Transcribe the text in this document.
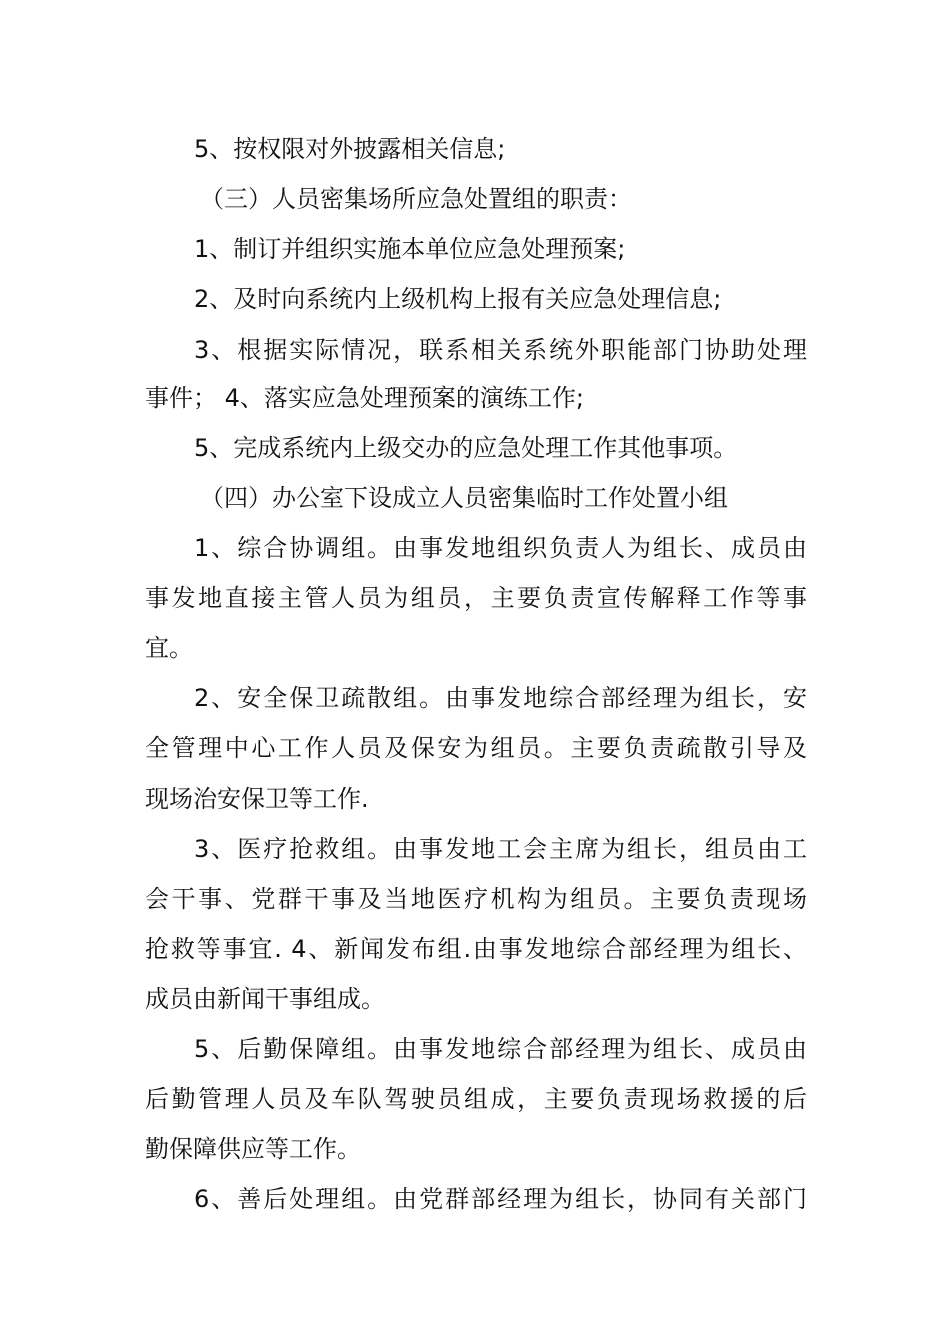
5、按权限对外披露相关信息;
（三）人员密集场所应急处置组的职责：
1、制订并组织实施本单位应急处理预案;
2、及时向系统内上级机构上报有关应急处理信息;
3、根据实际情况，联系相关系统外职能部门协助处理
事件； 4、落实应急处理预案的演练工作;
5、完成系统内上级交办的应急处理工作其他事项。
（四）办公室下设成立人员密集临时工作处置小组
1、综合协调组。由事发地组织负责人为组长、成员由
事发地直接主管人员为组员，主要负责宣传解释工作等事
宜。
2、安全保卫疏散组。由事发地综合部经理为组长，安
全管理中心工作人员及保安为组员。主要负责疏散引导及
现场治安保卫等工作.
3、医疗抢救组。由事发地工会主席为组长，组员由工
会干事、党群干事及当地医疗机构为组员。主要负责现场
抢救等事宜. 4、新闻发布组.由事发地综合部经理为组长、
成员由新闻干事组成。
5、后勤保障组。由事发地综合部经理为组长、成员由
后勤管理人员及车队驾驶员组成，主要负责现场救援的后
勤保障供应等工作。
6、善后处理组。由党群部经理为组长，协同有关部门
